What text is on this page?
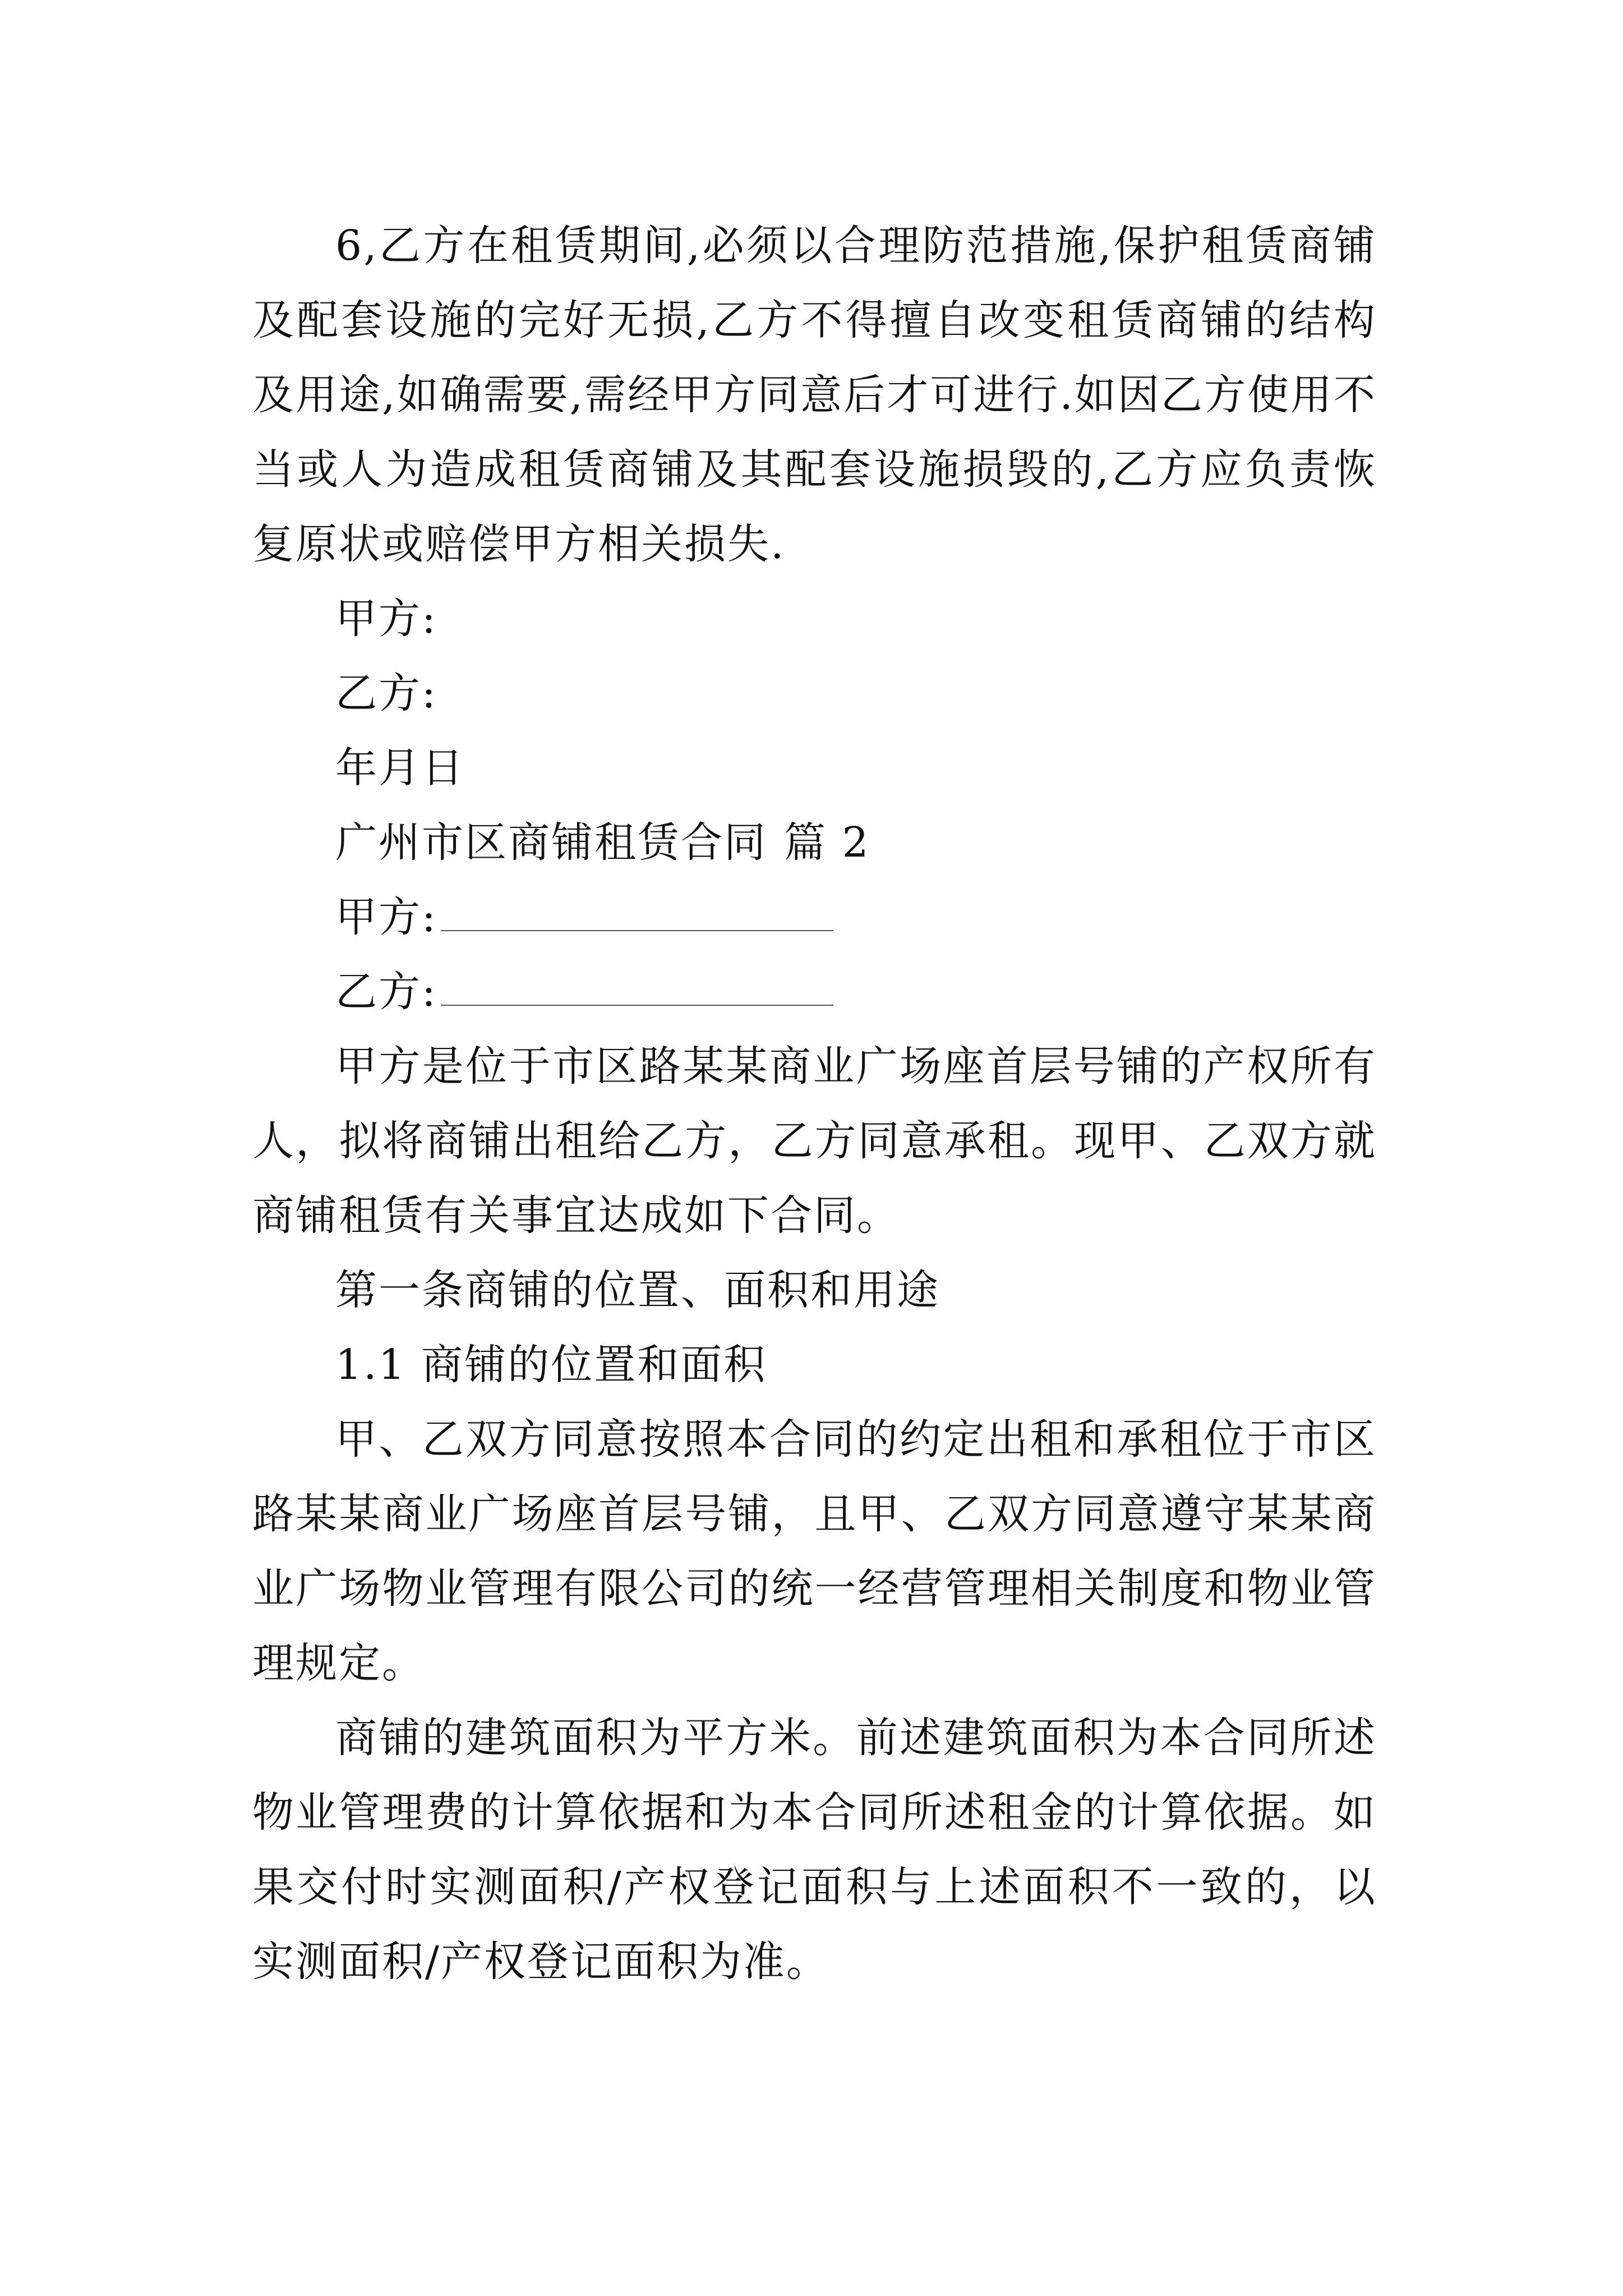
6,乙方在租赁期间,必须以合理防范措施,保护租赁商铺及配套设施的完好无损,乙方不得擅自改变租赁商铺的结构及用途,如确需要,需经甲方同意后才可进行.如因乙方使用不当或人为造成租赁商铺及其配套设施损毁的,乙方应负责恢复原状或赔偿甲方相关损失.

甲方:

乙方:

年月日

广州市区商铺租赁合同 篇 2

甲方:

乙方:

甲方是位于市区路某某商业广场座首层号铺的产权所有人，拟将商铺出租给乙方，乙方同意承租。现甲、乙双方就商铺租赁有关事宜达成如下合同。

第一条商铺的位置、面积和用途

1.1 商铺的位置和面积

甲、乙双方同意按照本合同的约定出租和承租位于市区路某某商业广场座首层号铺，且甲、乙双方同意遵守某某商业广场物业管理有限公司的统一经营管理相关制度和物业管理规定。

商铺的建筑面积为平方米。前述建筑面积为本合同所述物业管理费的计算依据和为本合同所述租金的计算依据。如果交付时实测面积/产权登记面积与上述面积不一致的，以实测面积/产权登记面积为准。
